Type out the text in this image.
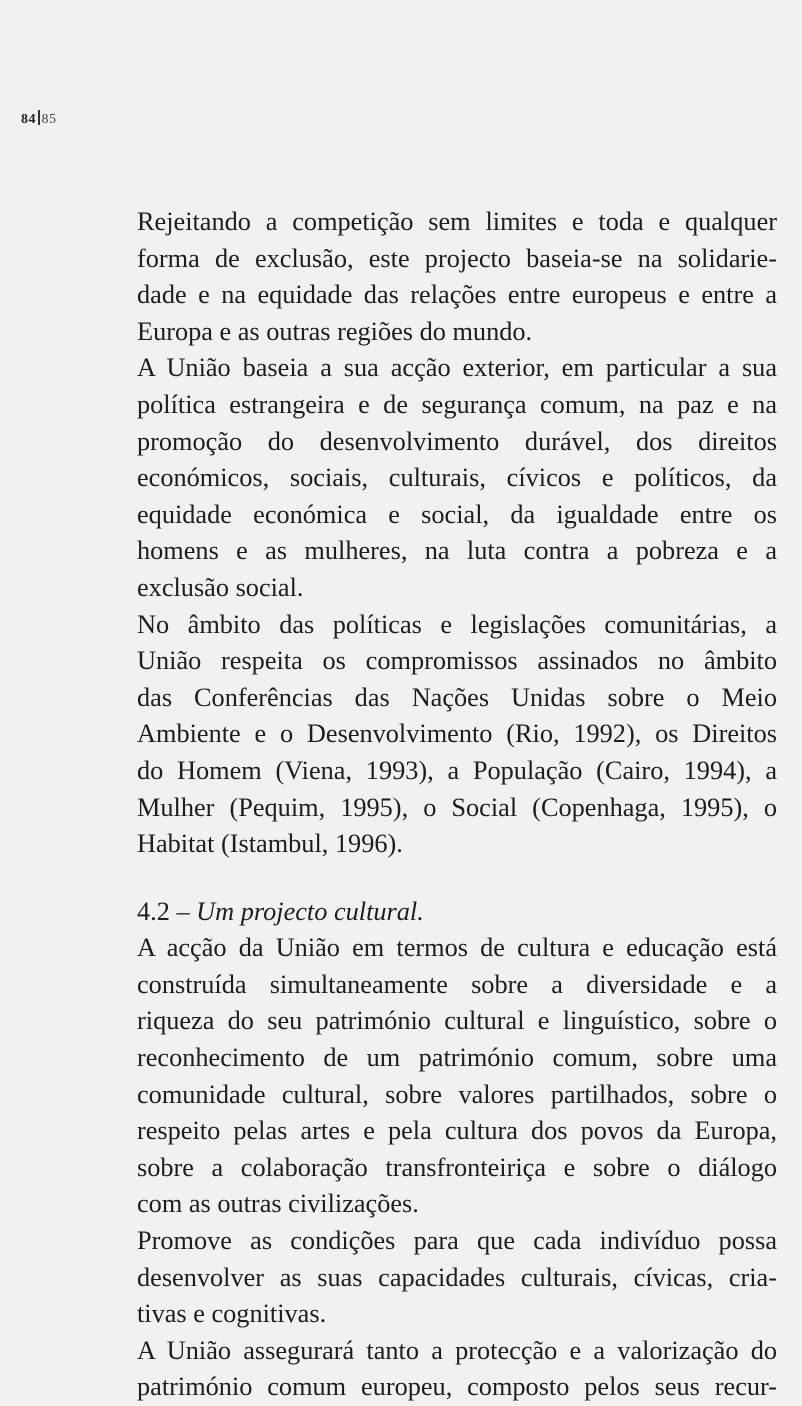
84 85
Rejeitando a competição sem limites e toda e qualquer
forma de exclusão, este projecto baseia-se na solidarie-
dade e na equidade das relações entre europeus e entre a
Europa e as outras regiões do mundo.
A União baseia a sua acção exterior, em particular a sua
política estrangeira e de segurança comum, na paz e na
promoção do desenvolvimento durável, dos direitos
económicos, sociais, culturais, cívicos e políticos, da
equidade económica e social, da igualdade entre os
homens e as mulheres, na luta contra a pobreza e a
exclusão social.
No âmbito das políticas e legislações comunitárias, a
União respeita os compromissos assinados no âmbito
das Conferências das Nações Unidas sobre o Meio
Ambiente e o Desenvolvimento (Rio, 1992), os Direitos
do Homem (Viena, 1993), a População (Cairo, 1994), a
Mulher (Pequim, 1995), o Social (Copenhaga, 1995), o
Habitat (Istambul, 1996).
4.2 – Um projecto cultural.
A acção da União em termos de cultura e educação está
construída simultaneamente sobre a diversidade e a
riqueza do seu património cultural e linguístico, sobre o
reconhecimento de um património comum, sobre uma
comunidade cultural, sobre valores partilhados, sobre o
respeito pelas artes e pela cultura dos povos da Europa,
sobre a colaboração transfronteiriça e sobre o diálogo
com as outras civilizações.
Promove as condições para que cada indivíduo possa
desenvolver as suas capacidades culturais, cívicas, cria-
tivas e cognitivas.
A União assegurará tanto a protecção e a valorização do
património comum europeu, composto pelos seus recur-
